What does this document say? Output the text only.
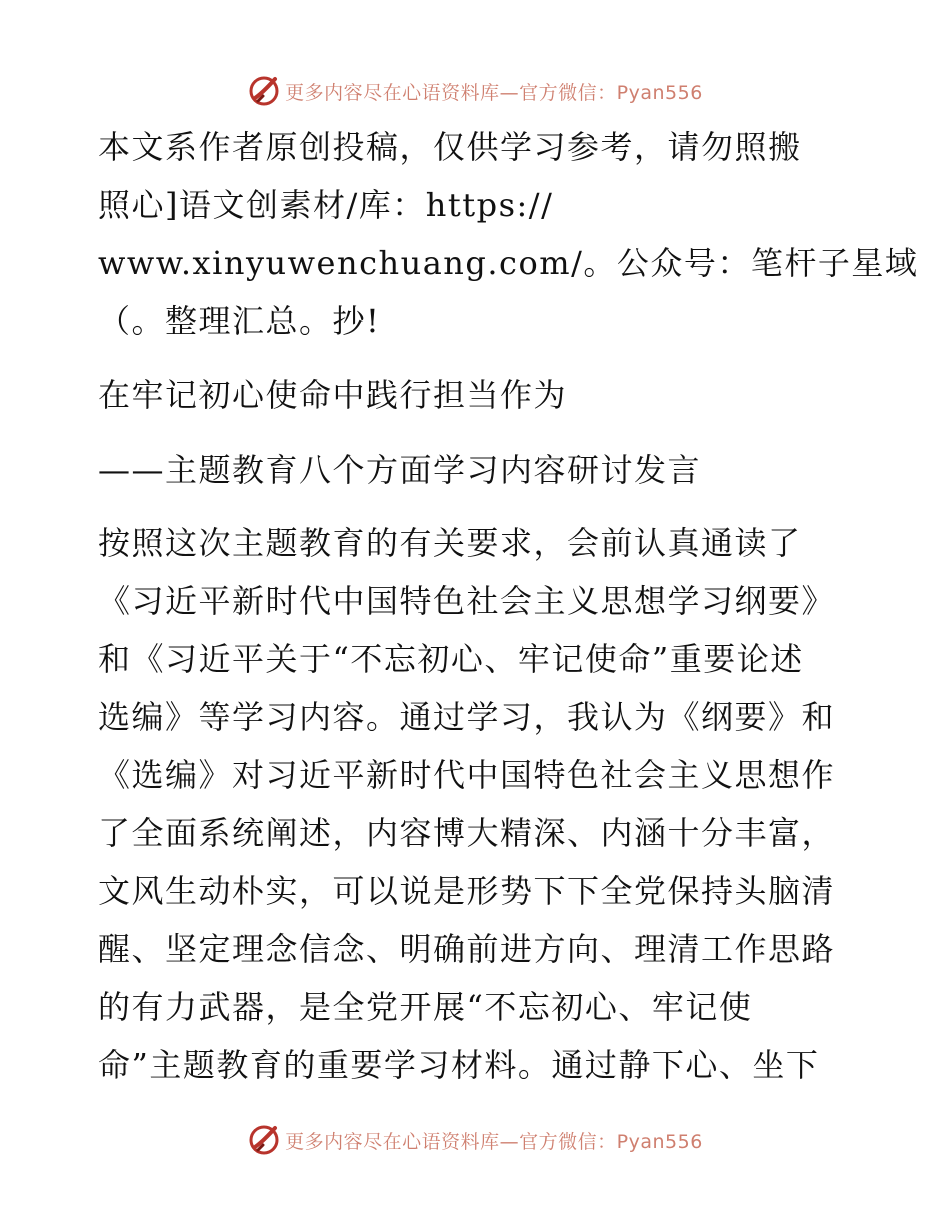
更多内容尽在心语资料库—官方微信：Pyan556
本文系作者原创投稿，仅供学习参考，请勿照搬
照心]语文创素材/库：https://
www.xinyuwenchuang.com/。公众号：笔杆子星域
（。整理汇总。抄!
在牢记初心使命中践行担当作为
——主题教育八个方面学习内容研讨发言
按照这次主题教育的有关要求，会前认真通读了
《习近平新时代中国特色社会主义思想学习纲要》
和《习近平关于“不忘初心、牢记使命”重要论述
选编》等学习内容。通过学习，我认为《纲要》和
《选编》对习近平新时代中国特色社会主义思想作
了全面系统阐述，内容博大精深、内涵十分丰富，
文风生动朴实，可以说是形势下下全党保持头脑清
醒、坚定理念信念、明确前进方向、理清工作思路
的有力武器，是全党开展“不忘初心、牢记使
命”主题教育的重要学习材料。通过静下心、坐下
更多内容尽在心语资料库—官方微信：Pyan556
